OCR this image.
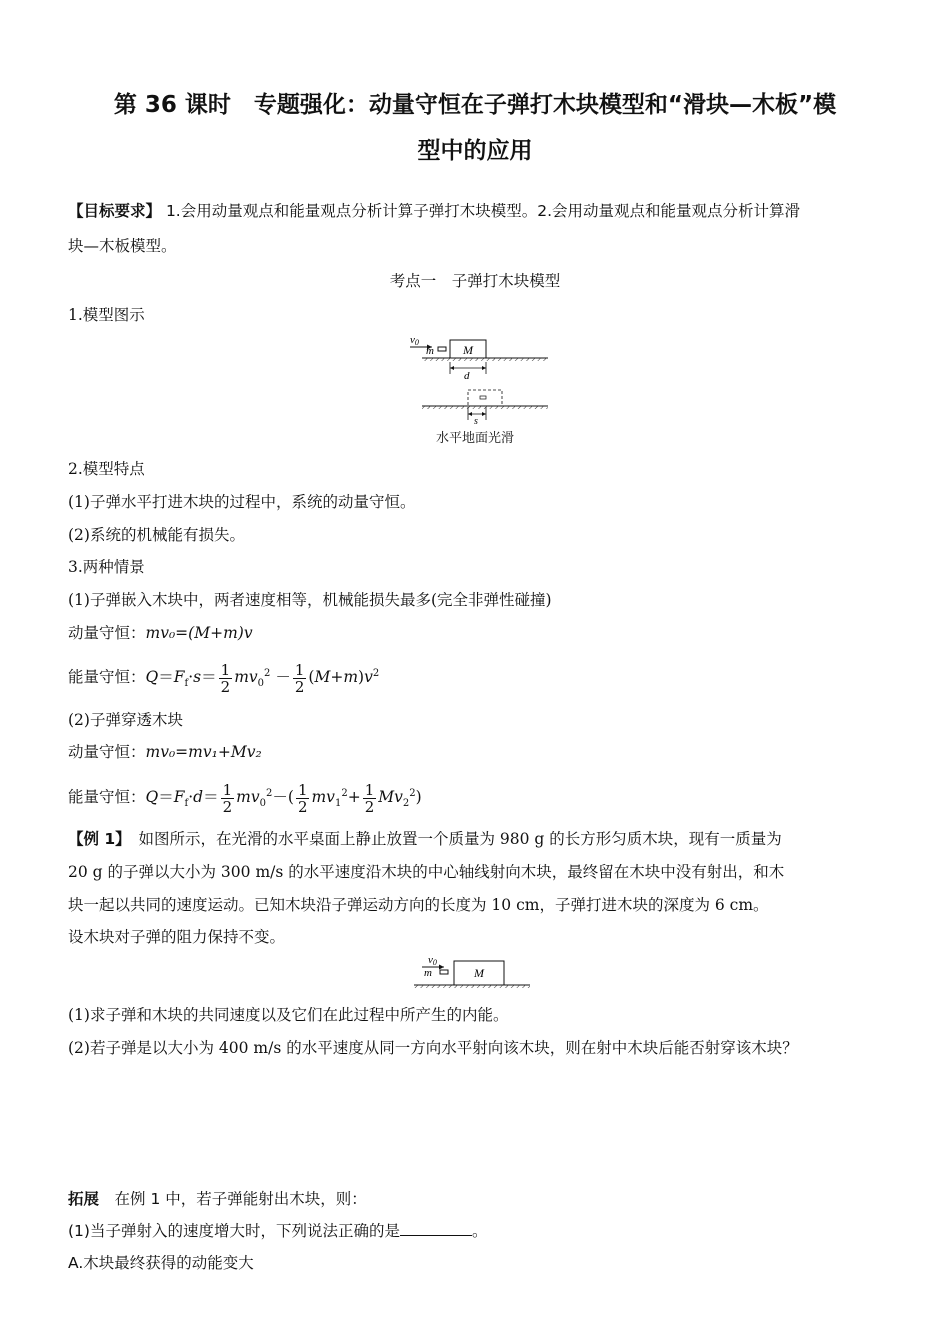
第 36 课时　专题强化：动量守恒在子弹打木块模型和“滑块—木板”模
型中的应用
【目标要求】 1.会用动量观点和能量观点分析计算子弹打木块模型。2.会用动量观点和能量观点分析计算滑
块—木板模型。
考点一　子弹打木块模型
1.模型图示
v0
m M
d
s
水平地面光滑
2.模型特点
(1)子弹水平打进木块的过程中，系统的动量守恒。
(2)系统的机械能有损失。
3.两种情景
(1)子弹嵌入木块中，两者速度相等，机械能损失最多(完全非弹性碰撞)
动量守恒：mv₀=(M+m)v
能量守恒：$Q=F_f\cdot s= \frac{1}{2} mv_0^2 - \frac{1}{2} (M+m)v^2$
(2)子弹穿透木块
动量守恒：mv₀=mv₁+Mv₂
能量守恒：$Q=F_f\cdot d= \frac{1}{2} mv_0^2-( \frac{1}{2} mv_1^2+ \frac{1}{2} Mv_2^2)$
【例 1】　如图所示，在光滑的水平桌面上静止放置一个质量为 980 g 的长方形匀质木块，现有一质量为
20 g 的子弹以大小为 300 m/s 的水平速度沿木块的中心轴线射向木块，最终留在木块中没有射出，和木
块一起以共同的速度运动。已知木块沿子弹运动方向的长度为 10 cm，子弹打进木块的深度为 6 cm。
设木块对子弹的阻力保持不变。
v0
m	M
(1)求子弹和木块的共同速度以及它们在此过程中所产生的内能。
(2)若子弹是以大小为 400 m/s 的水平速度从同一方向水平射向该木块，则在射中木块后能否射穿该木块？
拓展　在例 1 中，若子弹能射出木块，则：
(1)当子弹射入的速度增大时，下列说法正确的是	。
A.木块最终获得的动能变大
